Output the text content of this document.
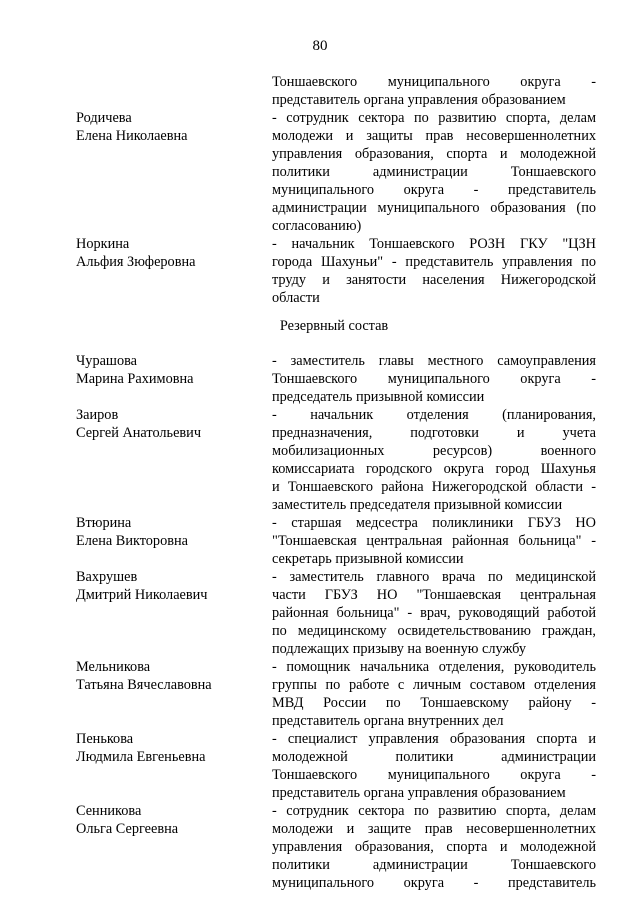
80
Тоншаевского муниципального округа -
представитель органа управления образованием
Родичева
Елена Николаевна
- сотрудник сектора по развитию спорта, делам
молодежи и защиты прав несовершеннолетних
управления образования, спорта и молодежной
политики администрации Тоншаевского
муниципального округа - представитель
администрации муниципального образования (по
согласованию)
Норкина
Альфия Зюферовна
- начальник Тоншаевского РОЗН ГКУ "ЦЗН
города Шахуньи" - представитель управления по
труду и занятости населения Нижегородской
области
Резервный состав
Чурашова
Марина Рахимовна
- заместитель главы местного самоуправления
Тоншаевского муниципального округа -
председатель призывной комиссии
Заиров
Сергей Анатольевич
- начальник отделения (планирования,
предназначения, подготовки и учета
мобилизационных ресурсов) военного
комиссариата городского округа город Шахунья
и Тоншаевского района Нижегородской области -
заместитель председателя призывной комиссии
Втюрина
Елена Викторовна
- старшая медсестра поликлиники ГБУЗ НО
"Тоншаевская центральная районная больница" -
секретарь призывной комиссии
Вахрушев
Дмитрий Николаевич
- заместитель главного врача по медицинской
части ГБУЗ НО "Тоншаевская центральная
районная больница" - врач, руководящий работой
по медицинскому освидетельствованию граждан,
подлежащих призыву на военную службу
Мельникова
Татьяна Вячеславовна
- помощник начальника отделения, руководитель
группы по работе с личным составом отделения
МВД России по Тоншаевскому району -
представитель органа внутренних дел
Пенькова
Людмила Евгеньевна
- специалист управления образования спорта и
молодежной политики администрации
Тоншаевского муниципального округа -
представитель органа управления образованием
Сенникова
Ольга Сергеевна
- сотрудник сектора по развитию спорта, делам
молодежи и защите прав несовершеннолетних
управления образования, спорта и молодежной
политики администрации Тоншаевского
муниципального округа - представитель
